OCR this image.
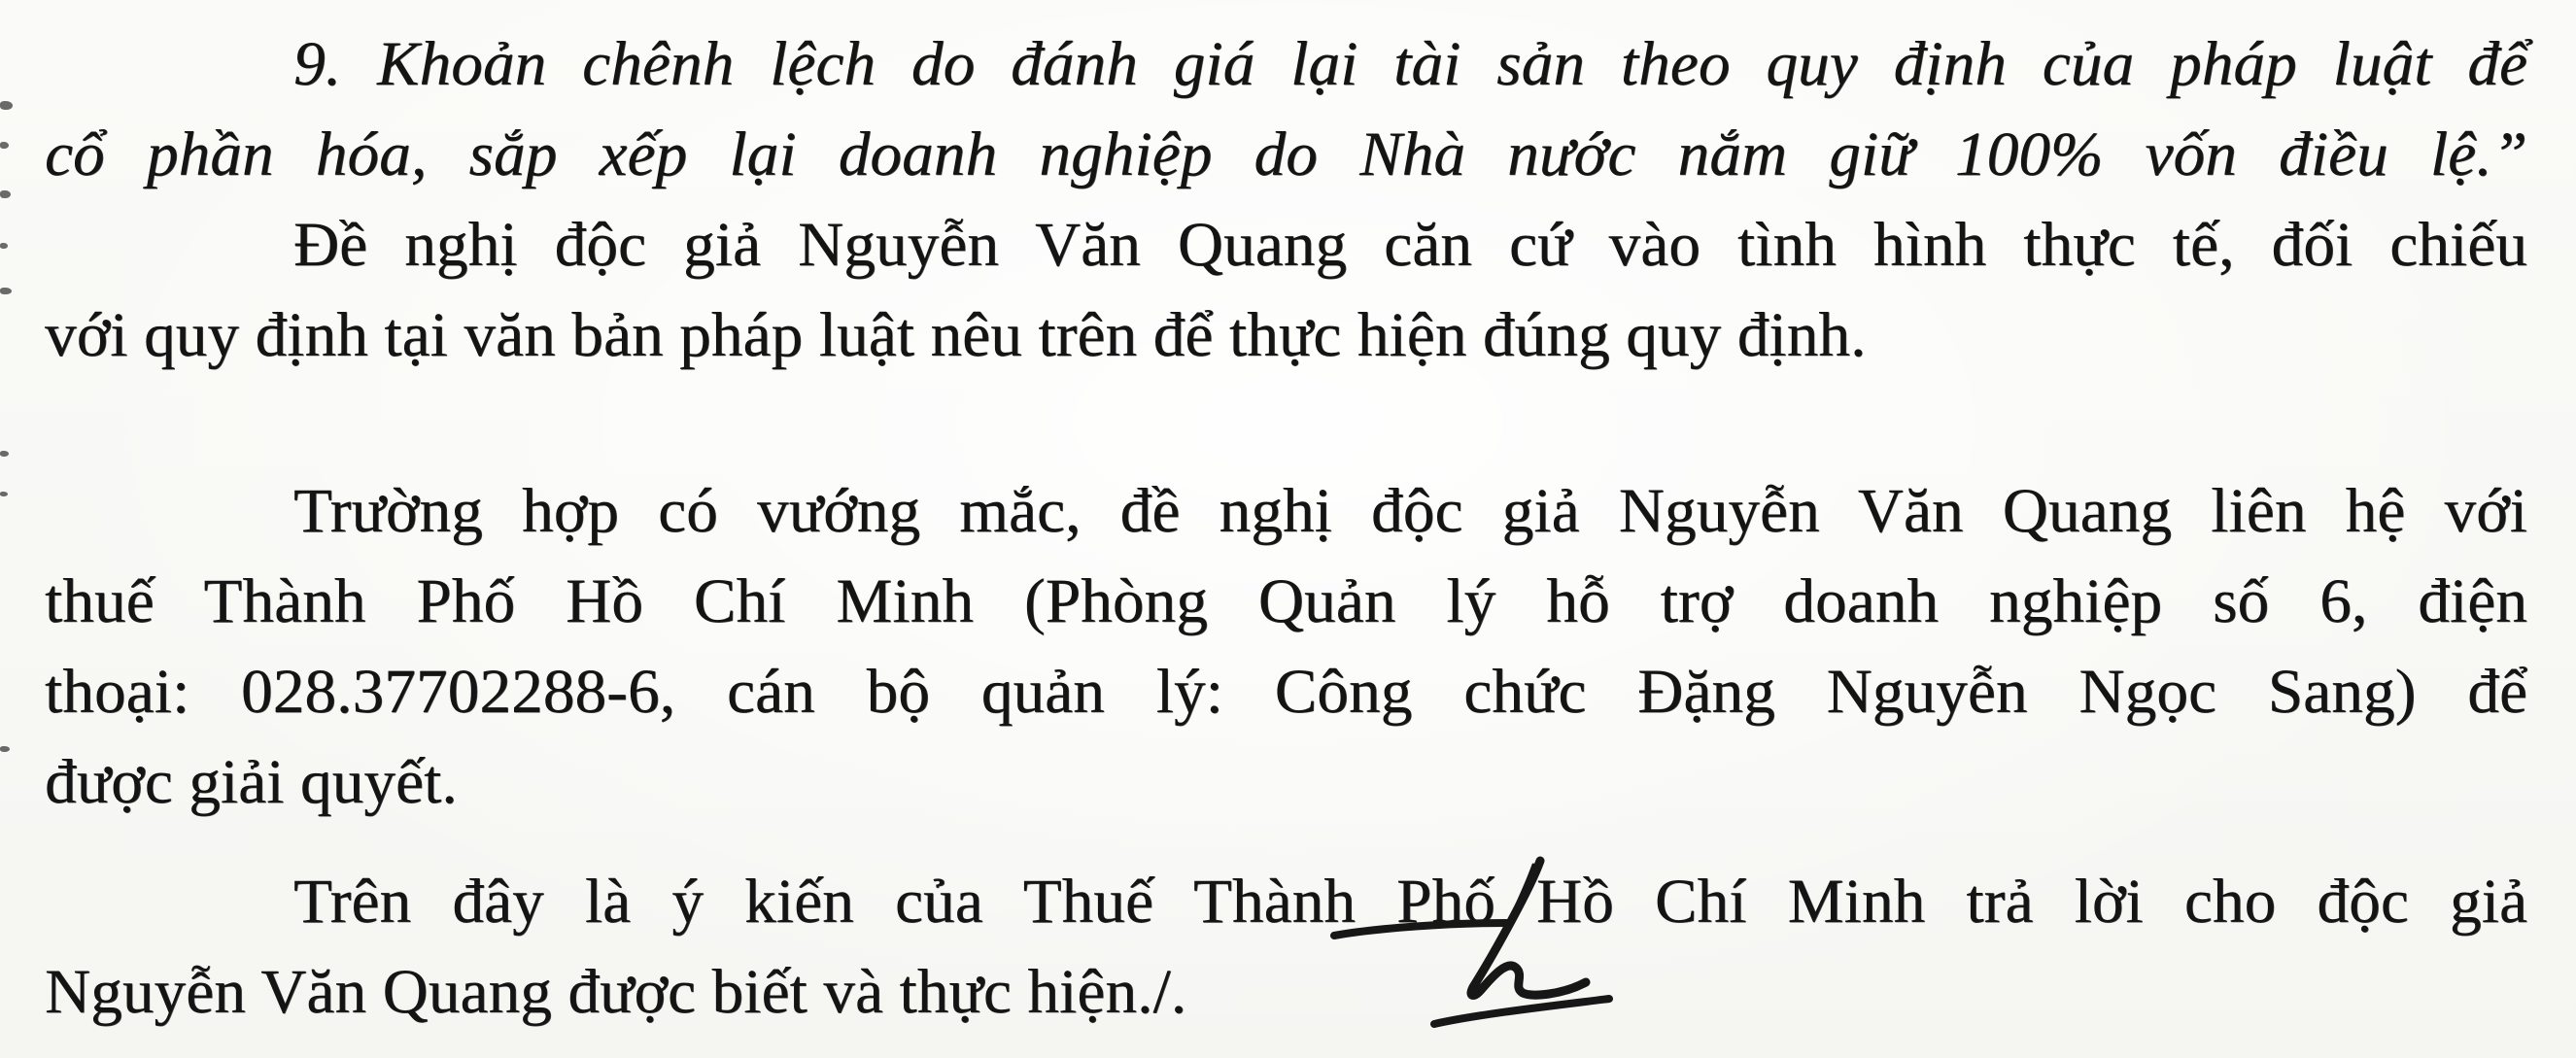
9. Khoản chênh lệch do đánh giá lại tài sản theo quy định của pháp luật để
cổ phần hóa, sắp xếp lại doanh nghiệp do Nhà nước nắm giữ 100% vốn điều lệ.”
Đề nghị độc giả Nguyễn Văn Quang căn cứ vào tình hình thực tế, đối chiếu
với quy định tại văn bản pháp luật nêu trên để thực hiện đúng quy định.
Trường hợp có vướng mắc, đề nghị độc giả Nguyễn Văn Quang liên hệ với
thuế Thành Phố Hồ Chí Minh (Phòng Quản lý hỗ trợ doanh nghiệp số 6, điện
thoại: 028.37702288-6, cán bộ quản lý: Công chức Đặng Nguyễn Ngọc Sang) để
được giải quyết.
Trên đây là ý kiến của Thuế Thành Phố Hồ Chí Minh trả lời cho độc giả
Nguyễn Văn Quang được biết và thực hiện./.
